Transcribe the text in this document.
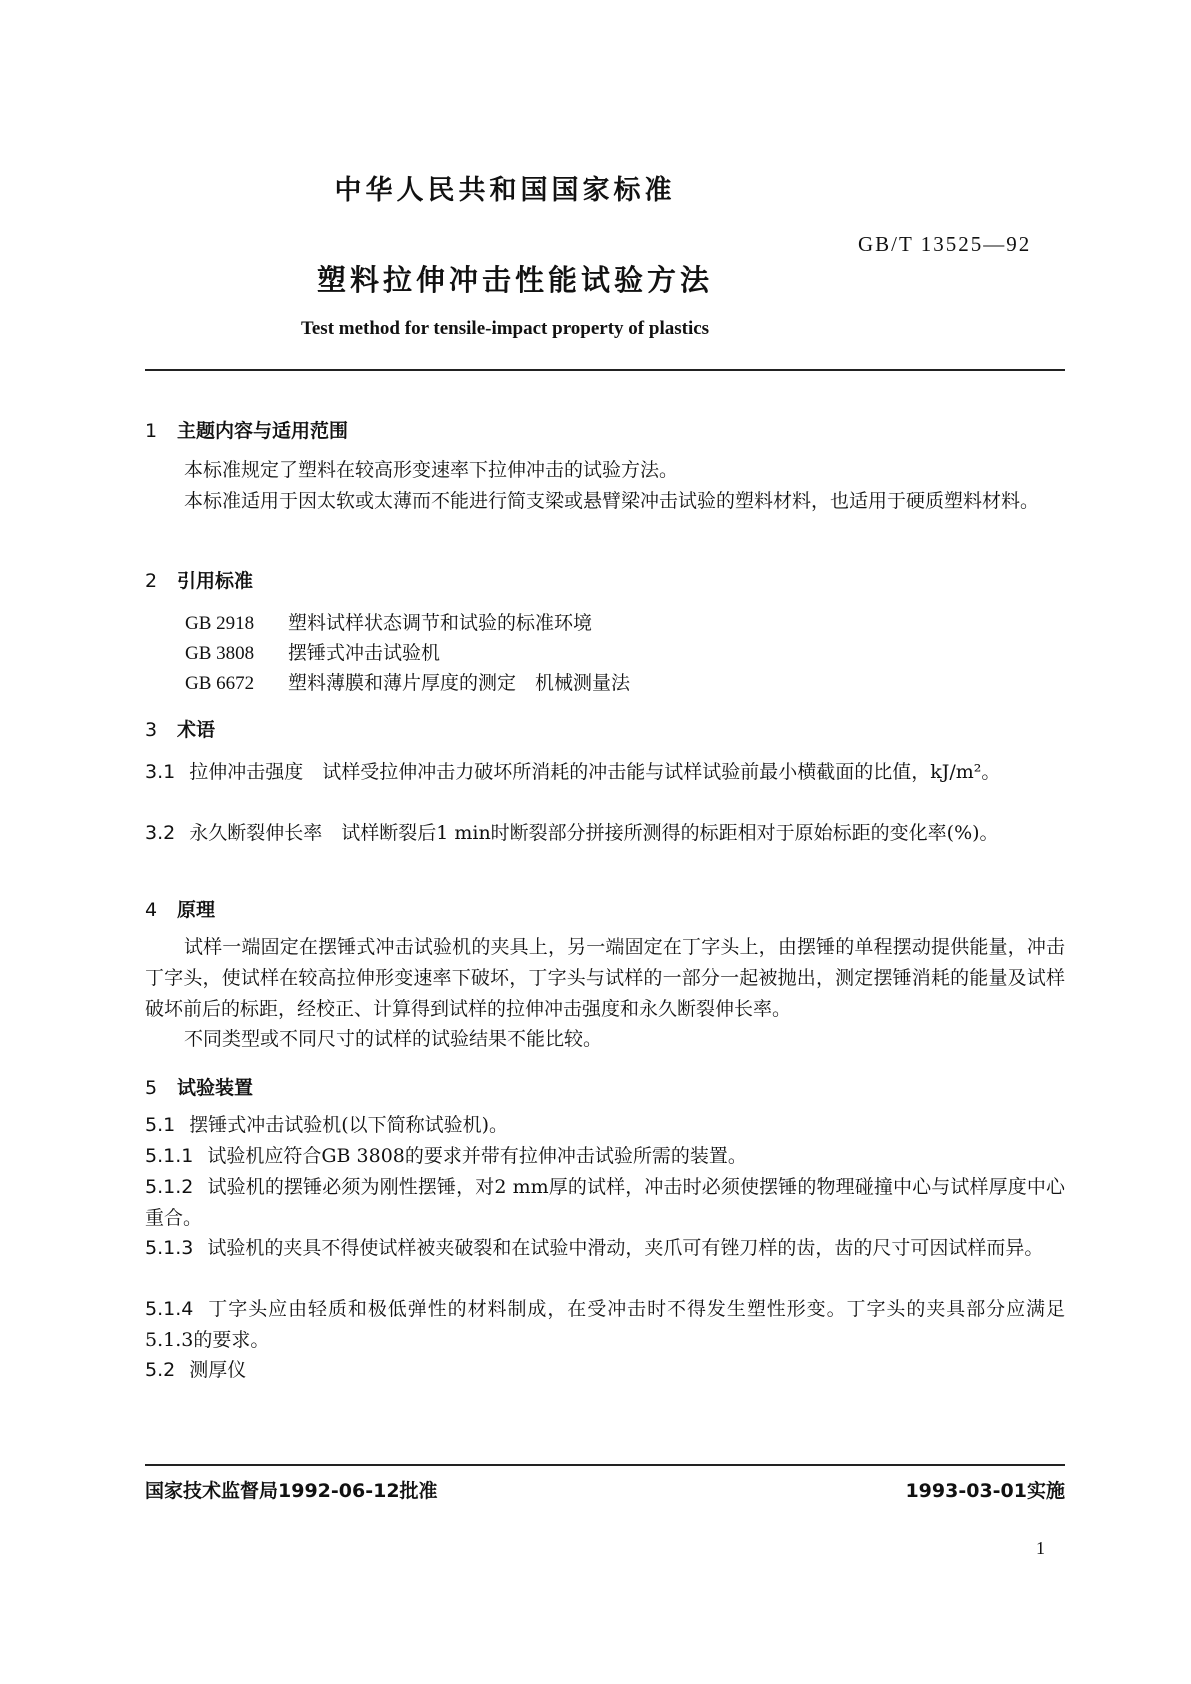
中华人民共和国国家标准
GB/T 13525—92
塑料拉伸冲击性能试验方法
Test method for tensile-impact property of plastics
1 主题内容与适用范围
本标准规定了塑料在较高形变速率下拉伸冲击的试验方法。
本标准适用于因太软或太薄而不能进行简支梁或悬臂梁冲击试验的塑料材料，也适用于硬质塑料材料。
2 引用标准
GB 2918 塑料试样状态调节和试验的标准环境
GB 3808 摆锤式冲击试验机
GB 6672 塑料薄膜和薄片厚度的测定　机械测量法
3 术语
3.1 拉伸冲击强度　试样受拉伸冲击力破坏所消耗的冲击能与试样试验前最小横截面的比值，kJ/m²。
3.2 永久断裂伸长率　试样断裂后1 min时断裂部分拼接所测得的标距相对于原始标距的变化率(%)。
4 原理
试样一端固定在摆锤式冲击试验机的夹具上，另一端固定在丁字头上，由摆锤的单程摆动提供能量，冲击丁字头，使试样在较高拉伸形变速率下破坏，丁字头与试样的一部分一起被抛出，测定摆锤消耗的能量及试样破坏前后的标距，经校正、计算得到试样的拉伸冲击强度和永久断裂伸长率。
不同类型或不同尺寸的试样的试验结果不能比较。
5 试验装置
5.1 摆锤式冲击试验机(以下简称试验机)。
5.1.1 试验机应符合GB 3808的要求并带有拉伸冲击试验所需的装置。
5.1.2 试验机的摆锤必须为刚性摆锤，对2 mm厚的试样，冲击时必须使摆锤的物理碰撞中心与试样厚度中心重合。
5.1.3 试验机的夹具不得使试样被夹破裂和在试验中滑动，夹爪可有锉刀样的齿，齿的尺寸可因试样而异。
5.1.4 丁字头应由轻质和极低弹性的材料制成，在受冲击时不得发生塑性形变。丁字头的夹具部分应满足5.1.3的要求。
5.2 测厚仪
国家技术监督局1992-06-12批准	1993-03-01实施
1
